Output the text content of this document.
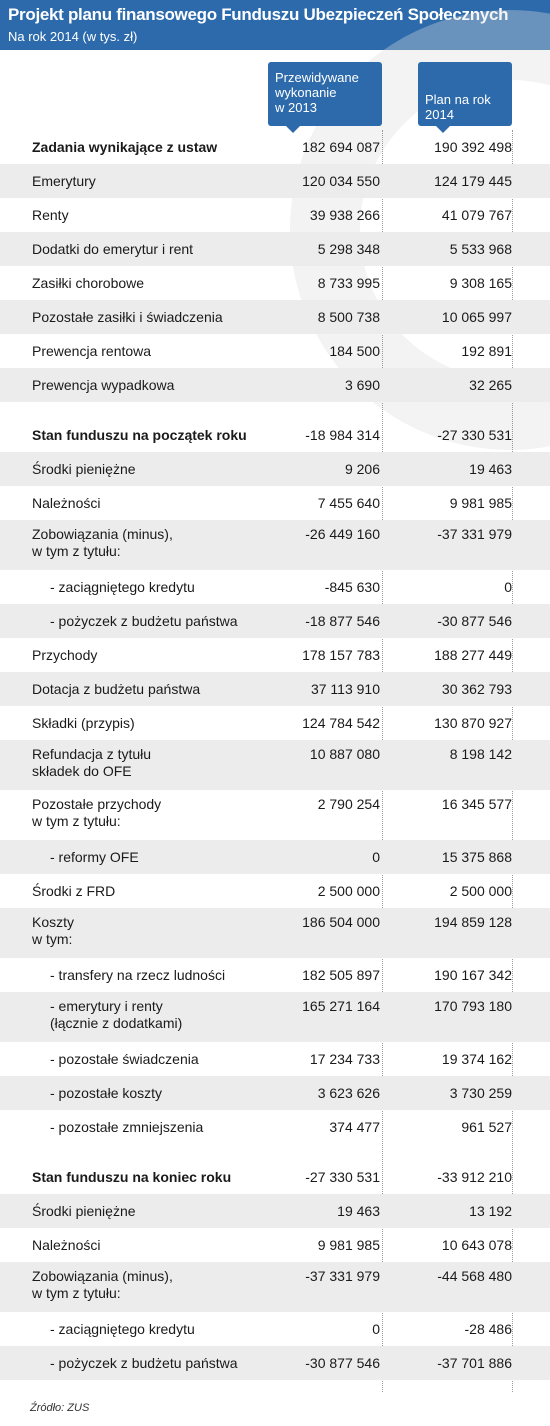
Projekt planu finansowego Funduszu Ubezpieczeń Społecznych
Na rok 2014 (w tys. zł)
Przewidywane
wykonanie
w 2013
Plan na rok
2014
Zadania wynikające z ustaw	182 694 087	190 392 498
Emerytury	120 034 550	124 179 445
Renty	39 938 266	41 079 767
Dodatki do emerytur i rent	5 298 348	5 533 968
Zasiłki chorobowe	8 733 995	9 308 165
Pozostałe zasiłki i świadczenia	8 500 738	10 065 997
Prewencja rentowa	184 500	192 891
Prewencja wypadkowa	3 690	32 265
Stan funduszu na początek roku	-18 984 314	-27 330 531
Środki pieniężne	9 206	19 463
Należności	7 455 640	9 981 985
Zobowiązania (minus),
w tym z tytułu:
-26 449 160	-37 331 979
- zaciągniętego kredytu	-845 630	0
- pożyczek z budżetu państwa	-18 877 546	-30 877 546
Przychody	178 157 783	188 277 449
Dotacja z budżetu państwa	37 113 910	30 362 793
Składki (przypis)	124 784 542	130 870 927
Refundacja z tytułu
składek do OFE
10 887 080	8 198 142
Pozostałe przychody
w tym z tytułu:
2 790 254	16 345 577
- reformy OFE	0	15 375 868
Środki z FRD	2 500 000	2 500 000
Koszty
w tym:
186 504 000	194 859 128
- transfery na rzecz ludności	182 505 897	190 167 342
- emerytury i renty
(łącznie z dodatkami)
165 271 164	170 793 180
- pozostałe świadczenia	17 234 733	19 374 162
- pozostałe koszty	3 623 626	3 730 259
- pozostałe zmniejszenia	374 477	961 527
Stan funduszu na koniec roku	-27 330 531	-33 912 210
Środki pieniężne	19 463	13 192
Należności	9 981 985	10 643 078
Zobowiązania (minus),
w tym z tytułu:
-37 331 979	-44 568 480
- zaciągniętego kredytu	0	-28 486
- pożyczek z budżetu państwa	-30 877 546	-37 701 886
Źródło: ZUS
